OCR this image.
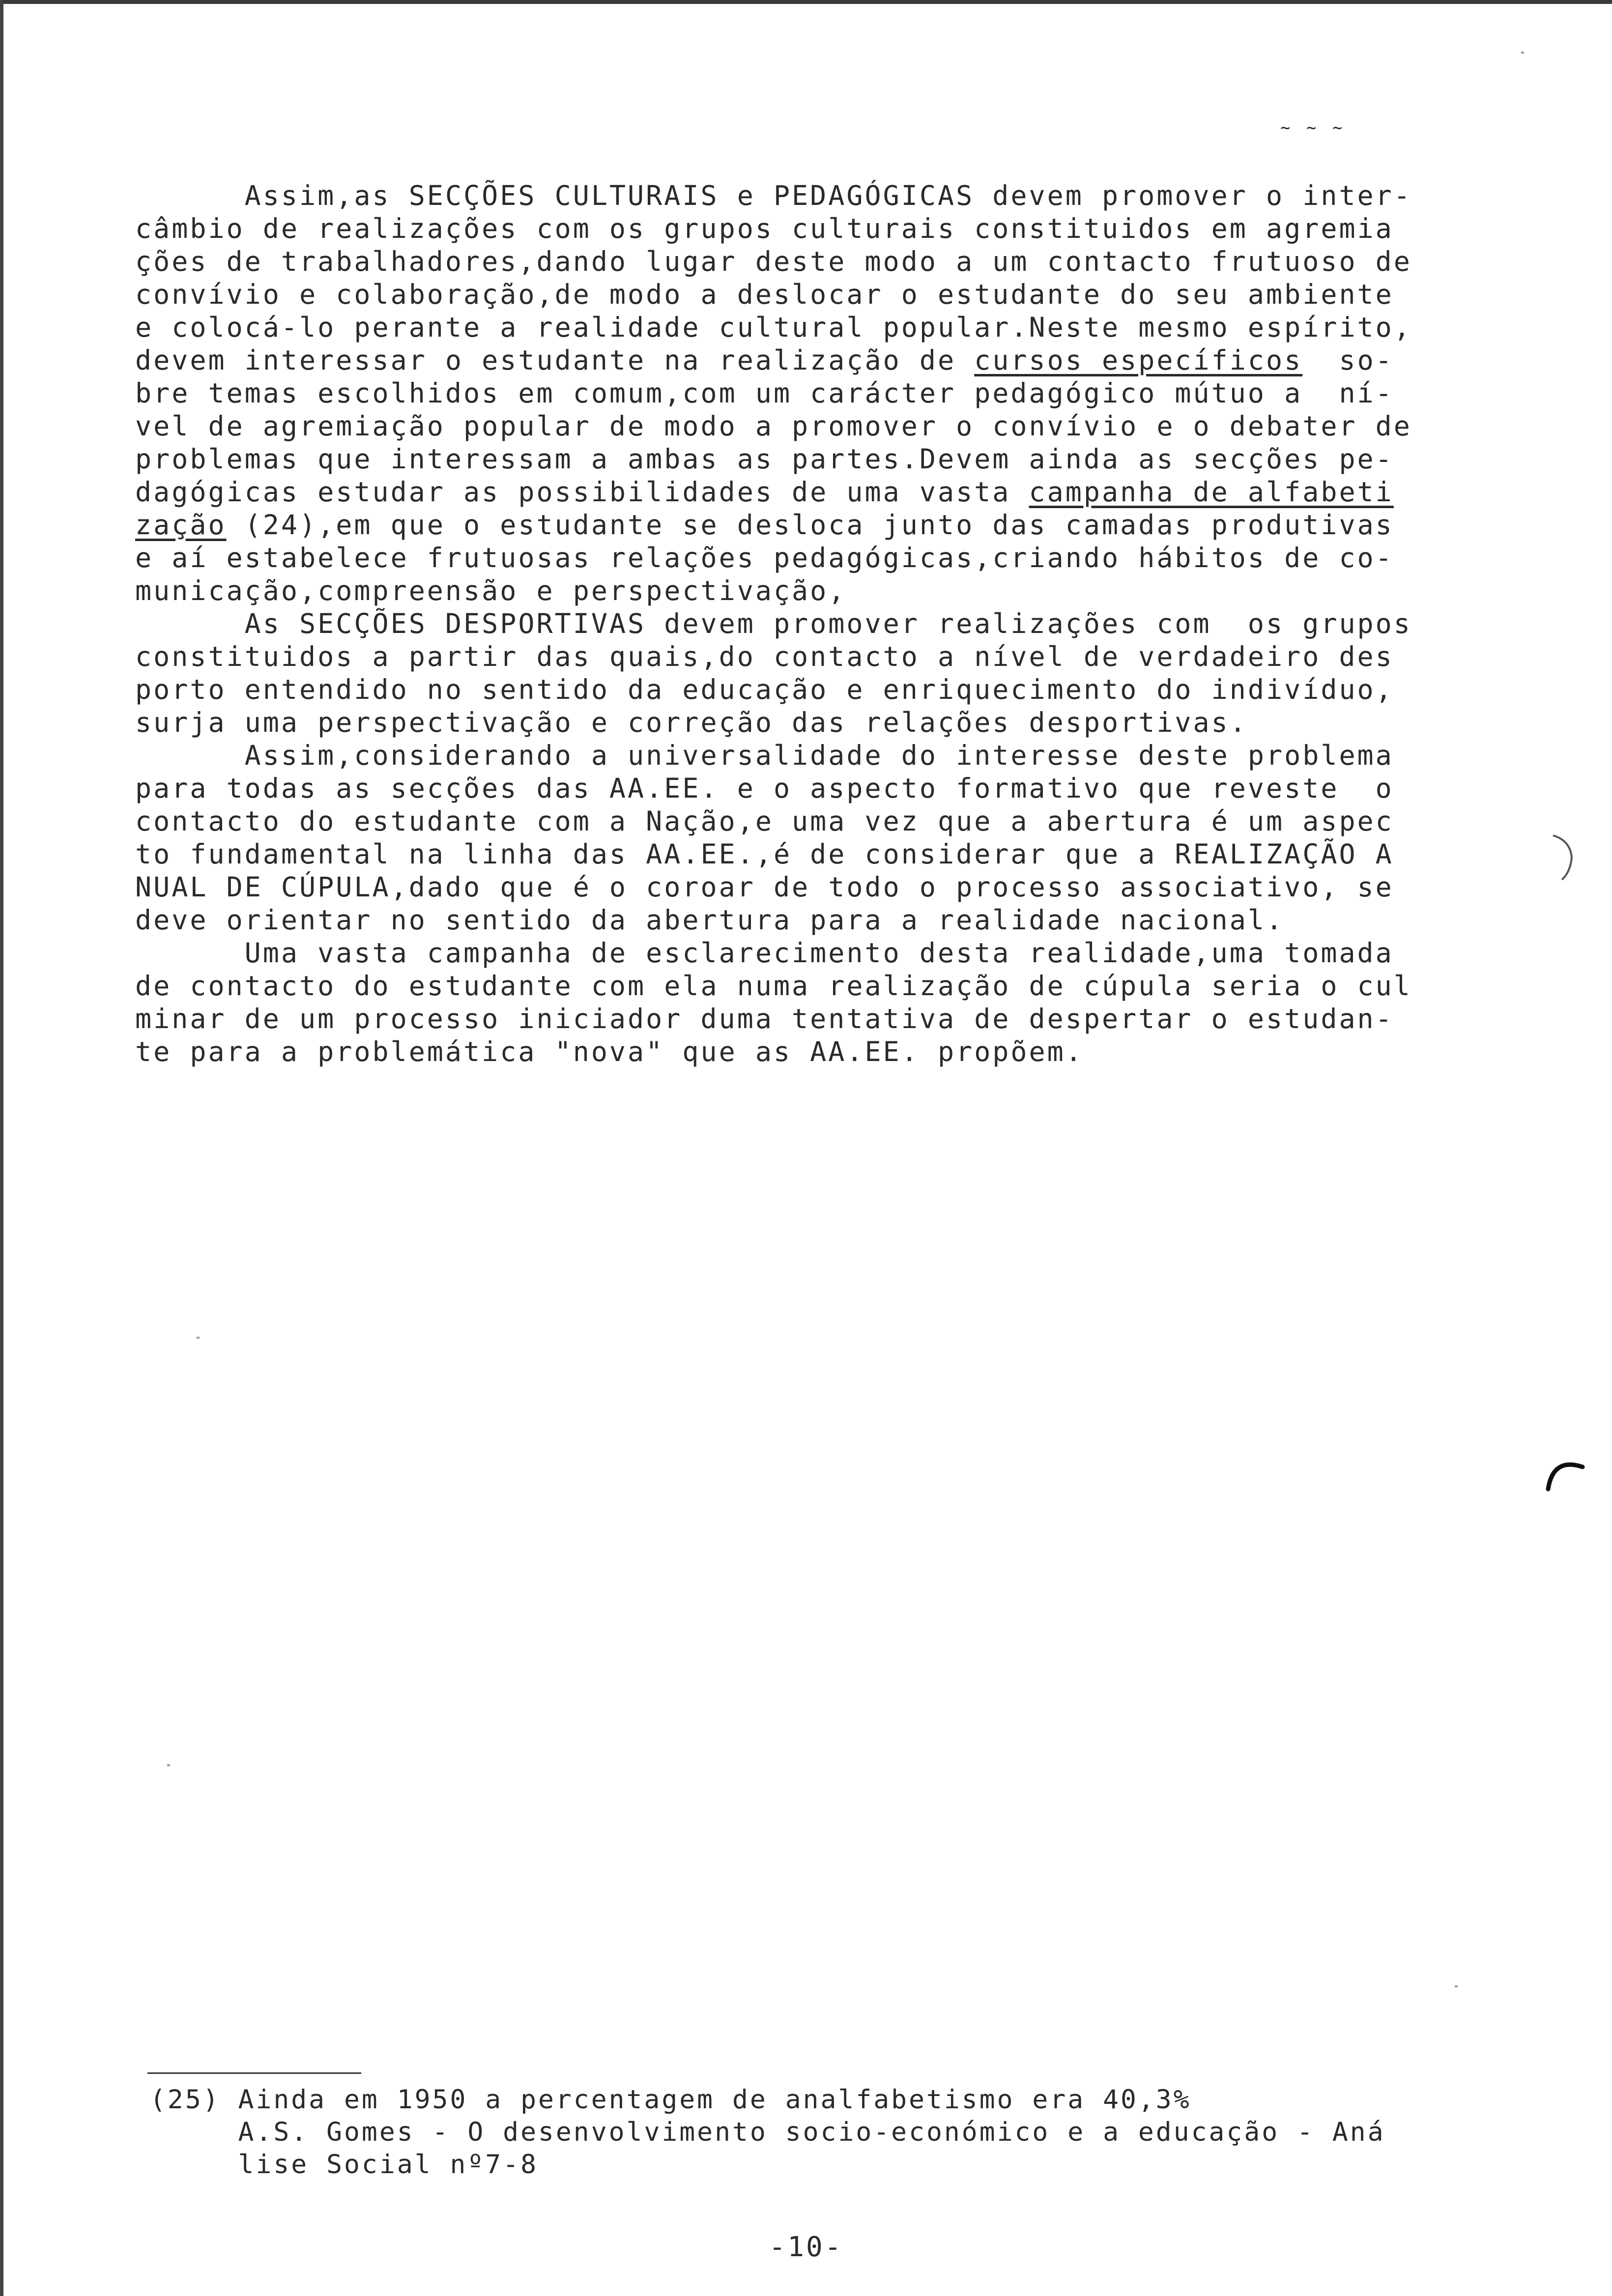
~ ~ ~
Assim,as SECÇÕES CULTURAIS e PEDAGÓGICAS devem promover o inter-
câmbio de realizações com os grupos culturais constituidos em agremia
ções de trabalhadores,dando lugar deste modo a um contacto frutuoso de
convívio e colaboração,de modo a deslocar o estudante do seu ambiente
e colocá-lo perante a realidade cultural popular.Neste mesmo espírito,
devem interessar o estudante na realização de cursos específicos  so-
bre temas escolhidos em comum,com um carácter pedagógico mútuo a  ní-
vel de agremiação popular de modo a promover o convívio e o debater de
problemas que interessam a ambas as partes.Devem ainda as secções pe-
dagógicas estudar as possibilidades de uma vasta campanha de alfabeti
zação (24),em que o estudante se desloca junto das camadas produtivas
e aí estabelece frutuosas relações pedagógicas,criando hábitos de co-
municação,compreensão e perspectivação,
As SECÇÕES DESPORTIVAS devem promover realizações com  os grupos
constituidos a partir das quais,do contacto a nível de verdadeiro des
porto entendido no sentido da educação e enriquecimento do indivíduo,
surja uma perspectivação e correção das relações desportivas.
Assim,considerando a universalidade do interesse deste problema
para todas as secções das AA.EE. e o aspecto formativo que reveste  o
contacto do estudante com a Nação,e uma vez que a abertura é um aspec
to fundamental na linha das AA.EE.,é de considerar que a REALIZAÇÃO A
NUAL DE CÚPULA,dado que é o coroar de todo o processo associativo, se
deve orientar no sentido da abertura para a realidade nacional.
Uma vasta campanha de esclarecimento desta realidade,uma tomada
de contacto do estudante com ela numa realização de cúpula seria o cul
minar de um processo iniciador duma tentativa de despertar o estudan-
te para a problemática "nova" que as AA.EE. propõem.
(25) Ainda em 1950 a percentagem de analfabetismo era 40,3%
A.S. Gomes - O desenvolvimento socio-económico e a educação - Aná
lise Social nº7-8
-10-
